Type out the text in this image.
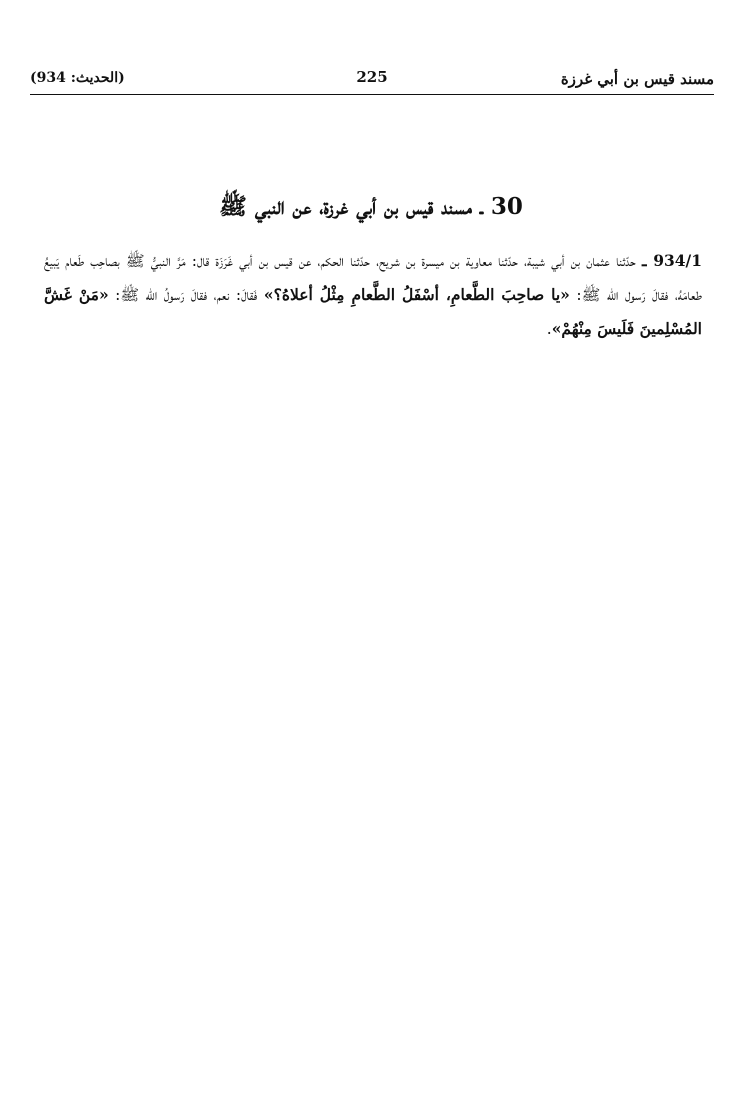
مسند قيس بن أبي غرزة
225
(الحديث: 934)
30 ـ مسند قيس بن أبي غرزة، عن النبي ﷺ

934/1 ـ حدّثنا عثمان بن أبي شيبة، حدّثنا معاوية بن ميسرة بن شريح، حدّثنا الحكم، عن قيس بن أبي غَرَزَة قال: مَرَّ النبيُّ ﷺ بصاحِب طَعام يَبيعُ طعامَهُ، فقالَ رَسول الله ﷺ: «يا صاحِبَ الطَّعامِ، أسْفَلُ الطَّعامِ مِثْلُ أعلاهُ؟» فَقالَ: نعم، فقالَ رَسولُ الله ﷺ: «مَنْ غَشَّ المُسْلِمينَ فَلَيسَ مِنْهُمْ».
